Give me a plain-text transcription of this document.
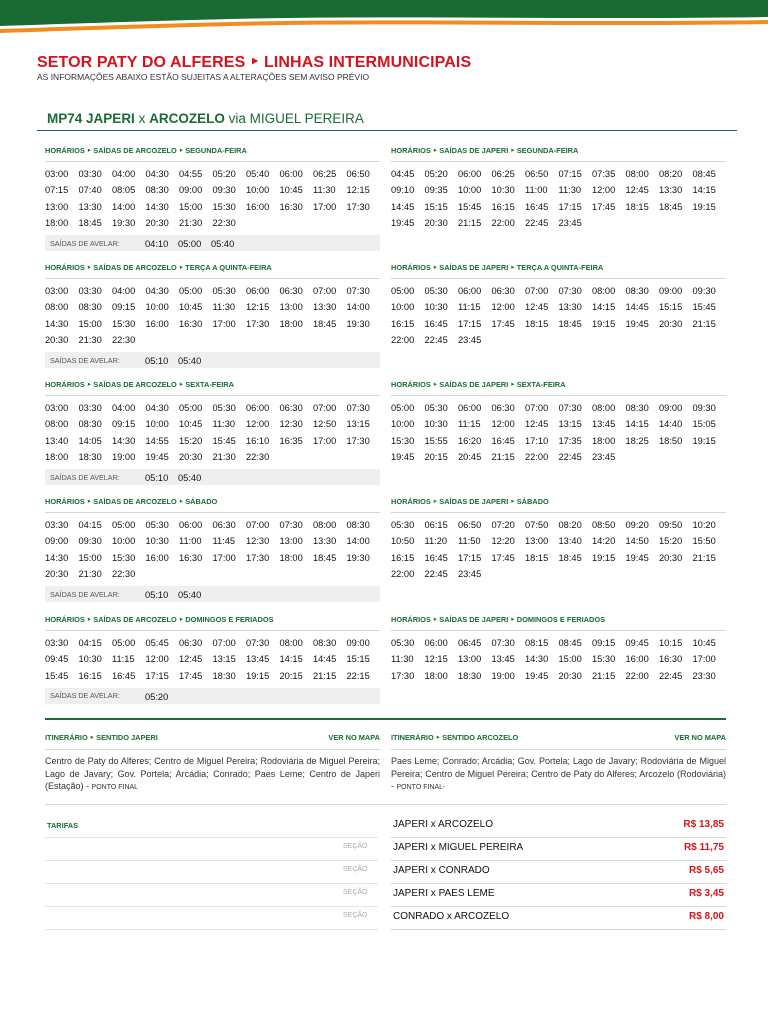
SETOR PATY DO ALFERES ‣ LINHAS INTERMUNICIPAIS
AS INFORMAÇÕES ABAIXO ESTÃO SUJEITAS A ALTERAÇÕES SEM AVISO PRÉVIO
MP74 JAPERI x ARCOZELO via MIGUEL PEREIRA
HORÁRIOS ‣ SAÍDAS DE ARCOZELO ‣ SEGUNDA-FEIRA
03:00	03:30	04:00	04:30	04:55	05:20	05:40	06:00	06:25	06:50
07:15	07:40	08:05	08:30	09:00	09:30	10:00	10:45	11:30	12:15
13:00	13:30	14:00	14:30	15:00	15:30	16:00	16:30	17:00	17:30
18:00	18:45	19:30	20:30	21:30	22:30
SAÍDAS DE AVELAR:	04:10 05:00 05:40
HORÁRIOS ‣ SAÍDAS DE ARCOZELO ‣ TERÇA A QUINTA-FEIRA
03:00	03:30	04:00	04:30	05:00	05:30	06:00	06:30	07:00	07:30
08:00	08:30	09:15	10:00	10:45	11:30	12:15	13:00	13:30	14:00
14:30	15:00	15:30	16:00	16:30	17:00	17:30	18:00	18:45	19:30
20:30	21:30	22:30
SAÍDAS DE AVELAR:	05:10 05:40
HORÁRIOS ‣ SAÍDAS DE ARCOZELO ‣ SEXTA-FEIRA
03:00	03:30	04:00	04:30	05:00	05:30	06:00	06:30	07:00	07:30
08:00	08:30	09:15	10:00	10:45	11:30	12:00	12:30	12:50	13:15
13:40	14:05	14:30	14:55	15:20	15:45	16:10	16:35	17:00	17:30
18:00	18:30	19:00	19:45	20:30	21:30	22:30
SAÍDAS DE AVELAR:	05:10 05:40
HORÁRIOS ‣ SAÍDAS DE ARCOZELO ‣ SÁBADO
03:30	04:15	05:00	05:30	06:00	06:30	07:00	07:30	08:00	08:30
09:00	09:30	10:00	10:30	11:00	11:45	12:30	13:00	13:30	14:00
14:30	15:00	15:30	16:00	16:30	17:00	17:30	18:00	18:45	19:30
20:30	21:30	22:30
SAÍDAS DE AVELAR:	05:10 05:40
HORÁRIOS ‣ SAÍDAS DE ARCOZELO ‣ DOMINGOS E FERIADOS
03:30	04:15	05:00	05:45	06:30	07:00	07:30	08:00	08:30	09:00
09:45	10:30	11:15	12:00	12:45	13:15	13:45	14:15	14:45	15:15
15:45	16:15	16:45	17:15	17:45	18:30	19:15	20:15	21:15	22:15
SAÍDAS DE AVELAR:	05:20
HORÁRIOS ‣ SAÍDAS DE JAPERI ‣ SEGUNDA-FEIRA
04:45	05:20	06:00	06:25	06:50	07:15	07:35	08:00	08:20	08:45
09:10	09:35	10:00	10:30	11:00	11:30	12:00	12:45	13:30	14:15
14:45	15:15	15:45	16:15	16:45	17:15	17:45	18:15	18:45	19:15
19:45	20:30	21:15	22:00	22:45	23:45
HORÁRIOS ‣ SAÍDAS DE JAPERI ‣ TERÇA A QUINTA-FEIRA
05:00	05:30	06:00	06:30	07:00	07:30	08:00	08:30	09:00	09:30
10:00	10:30	11:15	12:00	12:45	13:30	14:15	14:45	15:15	15:45
16:15	16:45	17:15	17:45	18:15	18:45	19:15	19:45	20:30	21:15
22:00	22:45	23:45
HORÁRIOS ‣ SAÍDAS DE JAPERI ‣ SEXTA-FEIRA
05:00	05:30	06:00	06:30	07:00	07:30	08:00	08:30	09:00	09:30
10:00	10:30	11:15	12:00	12:45	13:15	13:45	14:15	14:40	15:05
15:30	15:55	16:20	16:45	17:10	17:35	18:00	18:25	18:50	19:15
19:45	20:15	20:45	21:15	22:00	22:45	23:45
HORÁRIOS ‣ SAÍDAS DE JAPERI ‣ SÁBADO
05:30	06:15	06:50	07:20	07:50	08:20	08:50	09:20	09:50	10:20
10:50	11:20	11:50	12:20	13:00	13:40	14:20	14:50	15:20	15:50
16:15	16:45	17:15	17:45	18:15	18:45	19:15	19:45	20:30	21:15
22:00	22:45	23:45
HORÁRIOS ‣ SAÍDAS DE JAPERI ‣ DOMINGOS E FERIADOS
05:30	06:00	06:45	07:30	08:15	08:45	09:15	09:45	10:15	10:45
11:30	12:15	13:00	13:45	14:30	15:00	15:30	16:00	16:30	17:00
17:30	18:00	18:30	19:00	19:45	20:30	21:15	22:00	22:45	23:30
ITINERÁRIO ‣ SENTIDO JAPERI	VER NO MAPA
Centro de Paty do Alferes; Centro de Miguel Pereira; Rodoviária de Miguel Pereira; Lago de Javary; Gov. Portela; Arcádia; Conrado; Paes Leme; Centro de Japeri (Estação) - PONTO FINAL
ITINERÁRIO ‣ SENTIDO ARCOZELO	VER NO MAPA
Paes Leme; Conrado; Arcádia; Gov. Portela; Lago de Javary; Rodoviária de Miguel Pereira; Centro de Miguel Pereira; Centro de Paty do Alferes; Arcozelo (Rodoviária) - PONTO FINAL-
TARIFAS	JAPERI x ARCOZELO	R$ 13,85
SEÇÃO	JAPERI x MIGUEL PEREIRA	R$ 11,75
SEÇÃO	JAPERI x CONRADO	R$ 5,65
SEÇÃO	JAPERI x PAES LEME	R$ 3,45
SEÇÃO	CONRADO x ARCOZELO	R$ 8,00
